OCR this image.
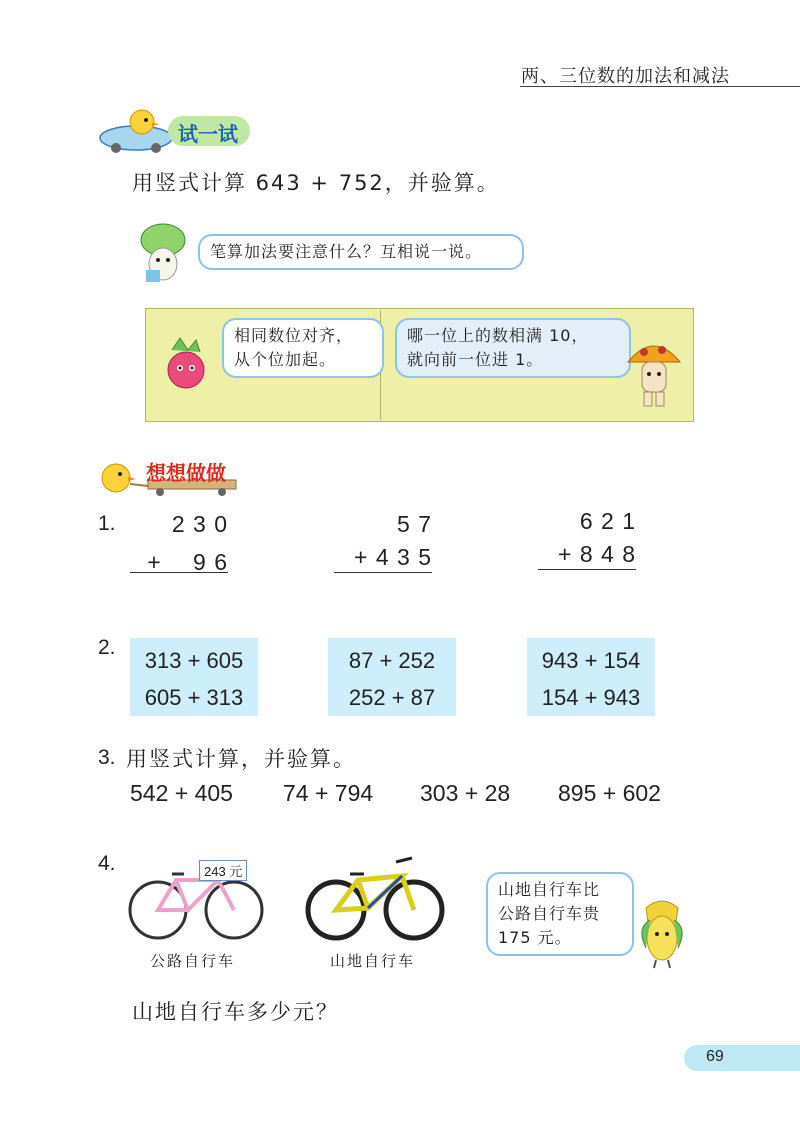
两、三位数的加法和减法
试一试
用竖式计算 643 + 752，并验算。
笔算加法要注意什么？互相说一说。
相同数位对齐，
从个位加起。
哪一位上的数相满 10，
就向前一位进 1。
想想做做
1.	2 3 0
+　 9 6
5 7
+ 4 3 5
6 2 1
+ 8 4 8
2.
313 + 605
605 + 313
87 + 252
252 + 87
943 + 154
154 + 943
3. 用竖式计算，并验算。
542 + 405 74 + 794 303 + 28 895 + 602
4.	243 元
公路自行车	山地自行车
山地自行车比
公路自行车贵
175 元。
山地自行车多少元？
69
